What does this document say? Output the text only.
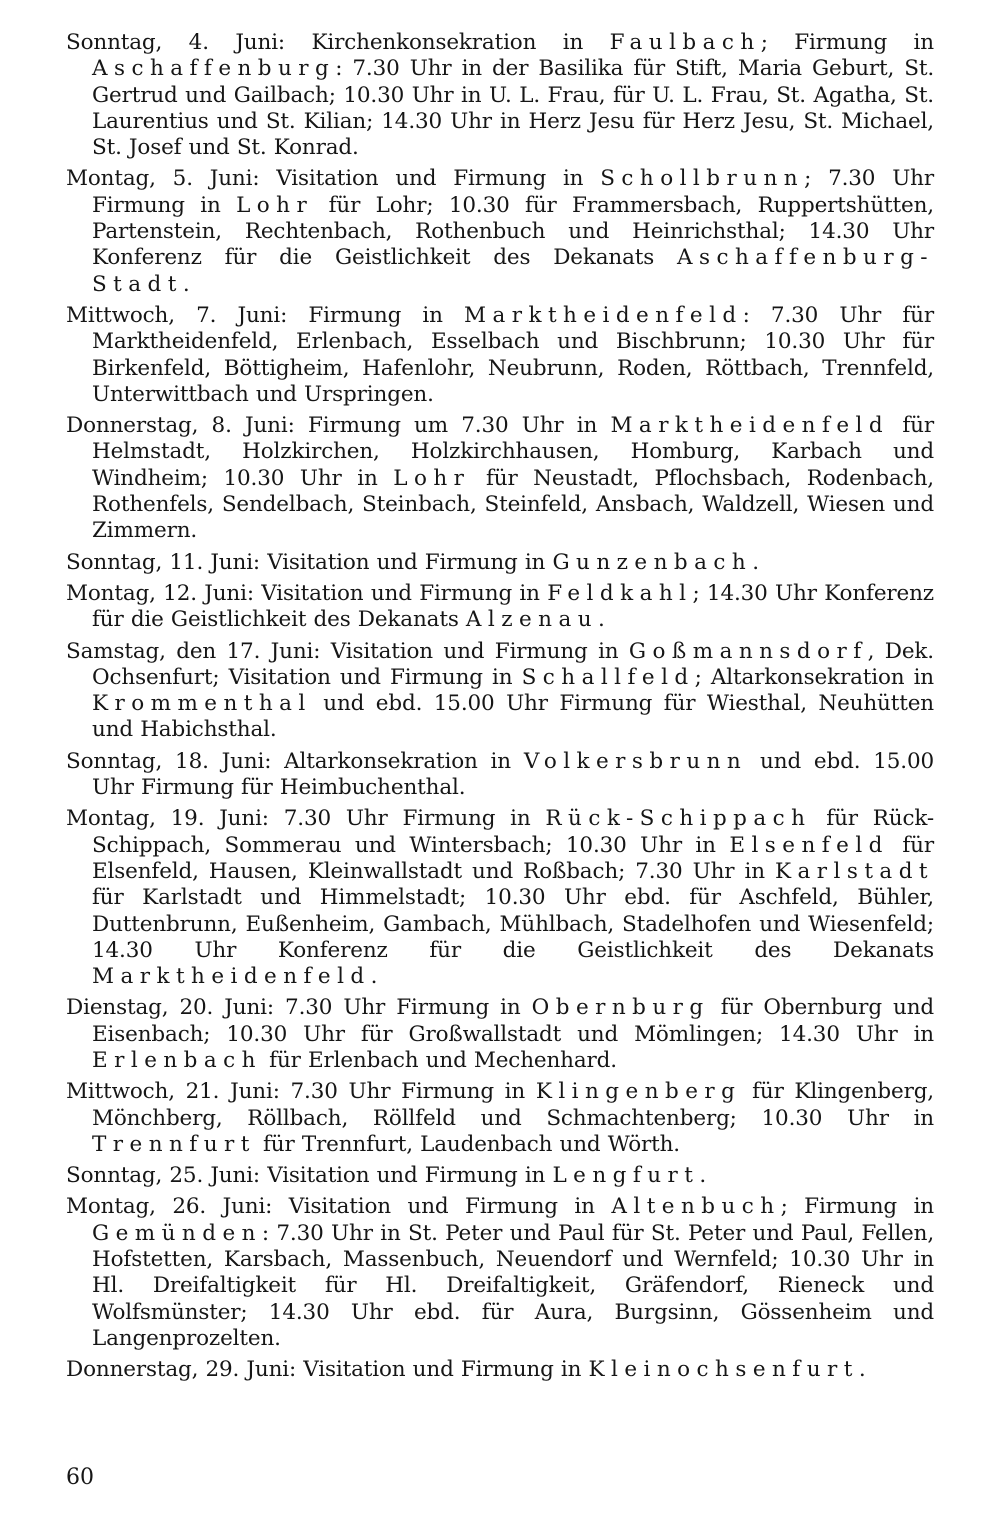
Sonntag, 4. Juni: Kirchenkonsekration in Faulbach; Firmung in Aschaffenburg: 7.30 Uhr in der Basilika für Stift, Maria Geburt, St. Gertrud und Gailbach; 10.30 Uhr in U. L. Frau, für U. L. Frau, St. Agatha, St. Laurentius und St. Kilian; 14.30 Uhr in Herz Jesu für Herz Jesu, St. Michael, St. Josef und St. Konrad.

Montag, 5. Juni: Visitation und Firmung in Schollbrunn; 7.30 Uhr Firmung in Lohr für Lohr; 10.30 für Frammersbach, Ruppertshütten, Partenstein, Rechtenbach, Rothenbuch und Heinrichsthal; 14.30 Uhr Konferenz für die Geistlichkeit des Dekanats Aschaffenburg-Stadt.

Mittwoch, 7. Juni: Firmung in Marktheidenfeld: 7.30 Uhr für Marktheidenfeld, Erlenbach, Esselbach und Bischbrunn; 10.30 Uhr für Birkenfeld, Böttigheim, Hafenlohr, Neubrunn, Roden, Röttbach, Trennfeld, Unterwittbach und Urspringen.

Donnerstag, 8. Juni: Firmung um 7.30 Uhr in Marktheidenfeld für Helmstadt, Holzkirchen, Holzkirchhausen, Homburg, Karbach und Windheim; 10.30 Uhr in Lohr für Neustadt, Pflochsbach, Rodenbach, Rothenfels, Sendelbach, Steinbach, Steinfeld, Ansbach, Waldzell, Wiesen und Zimmern.

Sonntag, 11. Juni: Visitation und Firmung in Gunzenbach.

Montag, 12. Juni: Visitation und Firmung in Feldkahl; 14.30 Uhr Konferenz für die Geistlichkeit des Dekanats Alzenau.

Samstag, den 17. Juni: Visitation und Firmung in Goßmannsdorf, Dek. Ochsenfurt; Visitation und Firmung in Schallfeld; Altarkonsekration in Krommenthal und ebd. 15.00 Uhr Firmung für Wiesthal, Neuhütten und Habichsthal.

Sonntag, 18. Juni: Altarkonsekration in Volkersbrunn und ebd. 15.00 Uhr Firmung für Heimbuchenthal.

Montag, 19. Juni: 7.30 Uhr Firmung in Rück-Schippach für Rück-Schippach, Sommerau und Wintersbach; 10.30 Uhr in Elsenfeld für Elsenfeld, Hausen, Kleinwallstadt und Roßbach; 7.30 Uhr in Karlstadt für Karlstadt und Himmelstadt; 10.30 Uhr ebd. für Aschfeld, Bühler, Duttenbrunn, Eußenheim, Gambach, Mühlbach, Stadelhofen und Wiesenfeld; 14.30 Uhr Konferenz für die Geistlichkeit des Dekanats Marktheidenfeld.

Dienstag, 20. Juni: 7.30 Uhr Firmung in Obernburg für Obernburg und Eisenbach; 10.30 Uhr für Großwallstadt und Mömlingen; 14.30 Uhr in Erlenbach für Erlenbach und Mechenhard.

Mittwoch, 21. Juni: 7.30 Uhr Firmung in Klingenberg für Klingenberg, Mönchberg, Röllbach, Röllfeld und Schmachtenberg; 10.30 Uhr in Trennfurt für Trennfurt, Laudenbach und Wörth.

Sonntag, 25. Juni: Visitation und Firmung in Lengfurt.

Montag, 26. Juni: Visitation und Firmung in Altenbuch; Firmung in Gemünden: 7.30 Uhr in St. Peter und Paul für St. Peter und Paul, Fellen, Hofstetten, Karsbach, Massenbuch, Neuendorf und Wernfeld; 10.30 Uhr in Hl. Dreifaltigkeit für Hl. Dreifaltigkeit, Gräfendorf, Rieneck und Wolfsmünster; 14.30 Uhr ebd. für Aura, Burgsinn, Gössenheim und Langenprozelten.

Donnerstag, 29. Juni: Visitation und Firmung in Kleinochsenfurt.

60
